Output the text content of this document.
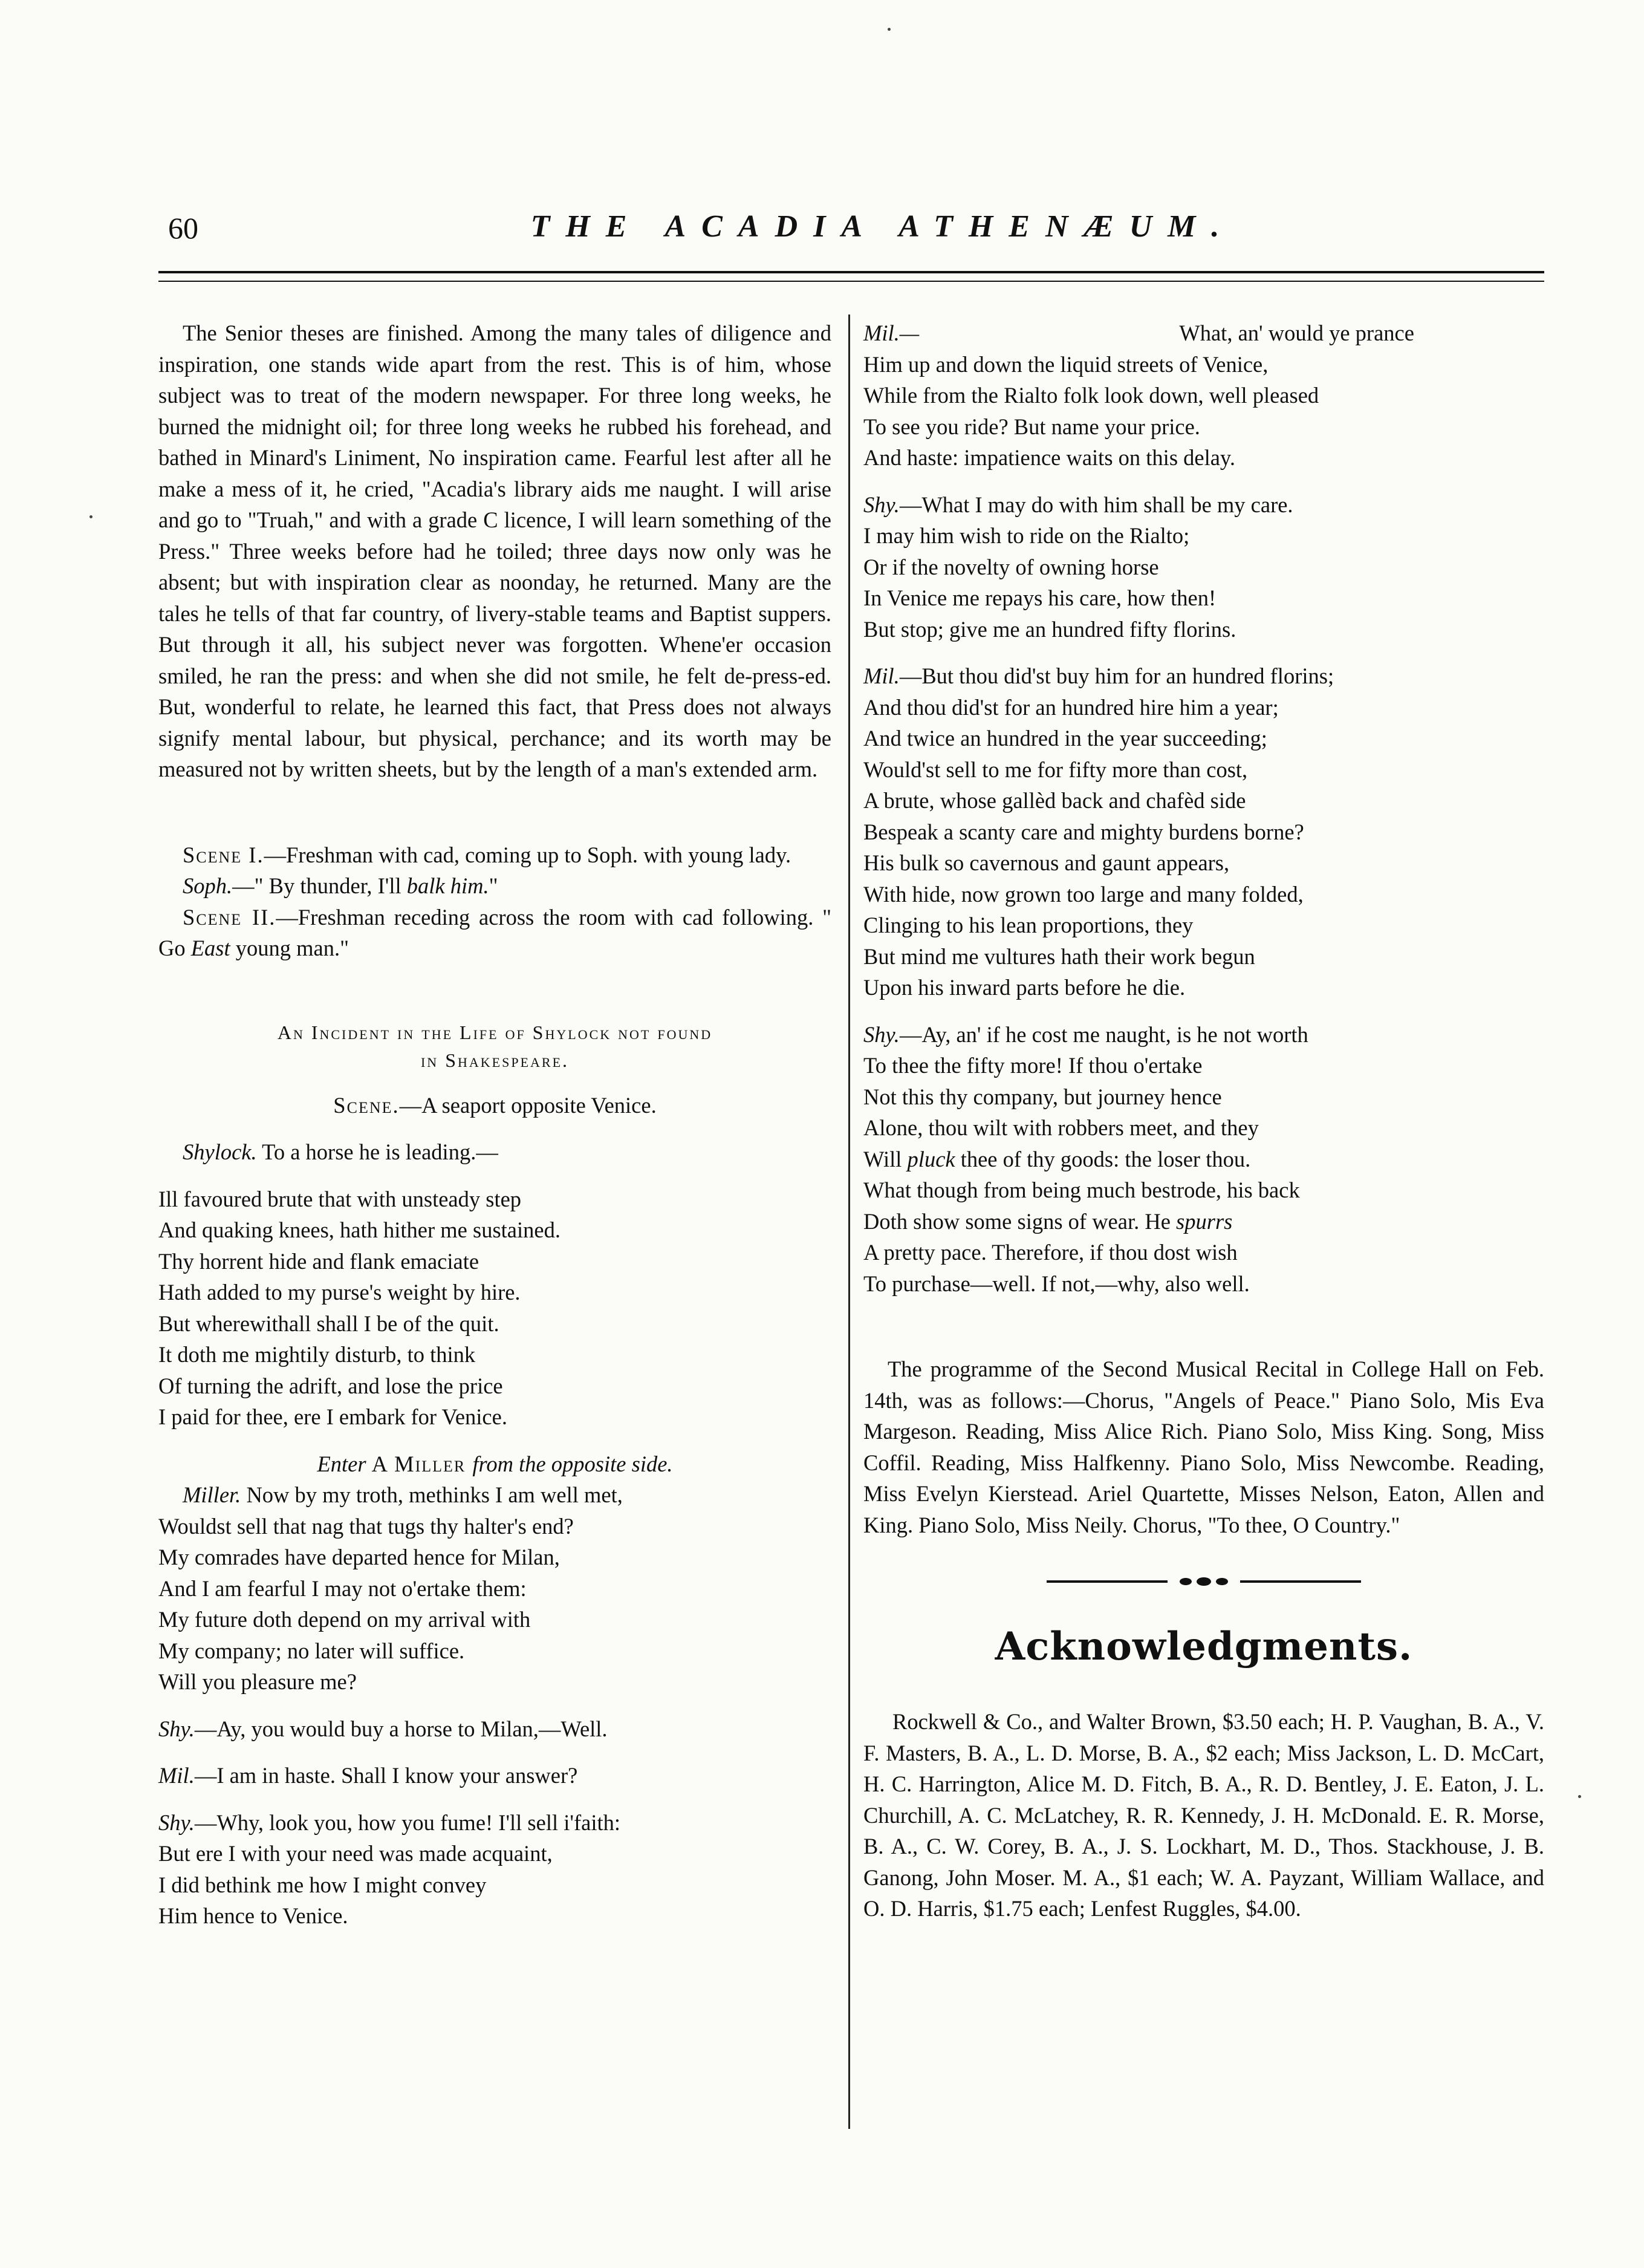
60	THE ACADIA ATHENÆUM.

The Senior theses are finished. Among the many tales of diligence and inspiration, one stands wide apart from the rest. This is of him, whose subject was to treat of the modern newspaper. For three long weeks, he burned the midnight oil; for three long weeks he rubbed his forehead, and bathed in Minard's Liniment, No inspiration came. Fearful lest after all he make a mess of it, he cried, "Acadia's library aids me naught. I will arise and go to "Truah," and with a grade C licence, I will learn something of the Press." Three weeks before had he toiled; three days now only was he absent; but with inspiration clear as noonday, he returned. Many are the tales he tells of that far country, of livery-stable teams and Baptist suppers. But through it all, his subject never was forgotten. Whene'er occasion smiled, he ran the press: and when she did not smile, he felt de-press-ed. But, wonderful to relate, he learned this fact, that Press does not always signify mental labour, but physical, perchance; and its worth may be measured not by written sheets, but by the length of a man's extended arm.

Scene I.—Freshman with cad, coming up to Soph. with young lady.

Soph.—" By thunder, I'll balk him."

Scene II.—Freshman receding across the room with cad following. " Go East young man."

An Incident in the Life of Shylock not found

in Shakespeare.

Scene.—A seaport opposite Venice.

Shylock. To a horse he is leading.—

Ill favoured brute that with unsteady step
And quaking knees, hath hither me sustained.
Thy horrent hide and flank emaciate
Hath added to my purse's weight by hire.
But wherewithall shall I be of the quit.
It doth me mightily disturb, to think
Of turning the adrift, and lose the price
I paid for thee, ere I embark for Venice.

Enter A Miller from the opposite side.

Miller. Now by my troth, methinks I am well met,
Wouldst sell that nag that tugs thy halter's end?
My comrades have departed hence for Milan,
And I am fearful I may not o'ertake them:
My future doth depend on my arrival with
My company; no later will suffice.
Will you pleasure me?
Shy.—Ay, you would buy a horse to Milan,—Well.
Mil.—I am in haste. Shall I know your answer?
Shy.—Why, look you, how you fume! I'll sell i'faith:
But ere I with your need was made acquaint,
I did bethink me how I might convey
Him hence to Venice.
Mil.—	What, an' would ye prance
Him up and down the liquid streets of Venice,
While from the Rialto folk look down, well pleased
To see you ride? But name your price.
And haste: impatience waits on this delay.
Shy.—What I may do with him shall be my care.
I may him wish to ride on the Rialto;
Or if the novelty of owning horse
In Venice me repays his care, how then!
But stop; give me an hundred fifty florins.
Mil.—But thou did'st buy him for an hundred florins;
And thou did'st for an hundred hire him a year;
And twice an hundred in the year succeeding;
Would'st sell to me for fifty more than cost,
A brute, whose gallèd back and chafèd side
Bespeak a scanty care and mighty burdens borne?
His bulk so cavernous and gaunt appears,
With hide, now grown too large and many folded,
Clinging to his lean proportions, they
But mind me vultures hath their work begun
Upon his inward parts before he die.
Shy.—Ay, an' if he cost me naught, is he not worth
To thee the fifty more! If thou o'ertake
Not this thy company, but journey hence
Alone, thou wilt with robbers meet, and they
Will pluck thee of thy goods: the loser thou.
What though from being much bestrode, his back
Doth show some signs of wear. He spurrs
A pretty pace. Therefore, if thou dost wish
To purchase—well. If not,—why, also well.

The programme of the Second Musical Recital in College Hall on Feb. 14th, was as follows:—Chorus, "Angels of Peace." Piano Solo, Mis Eva Margeson. Reading, Miss Alice Rich. Piano Solo, Miss King. Song, Miss Coffil. Reading, Miss Halfkenny. Piano Solo, Miss Newcombe. Reading, Miss Evelyn Kierstead. Ariel Quartette, Misses Nelson, Eaton, Allen and King. Piano Solo, Miss Neily. Chorus, "To thee, O Country."

Acknowledgments.

Rockwell & Co., and Walter Brown, $3.50 each; H. P. Vaughan, B. A., V. F. Masters, B. A., L. D. Morse, B. A., $2 each; Miss Jackson, L. D. McCart, H. C. Harrington, Alice M. D. Fitch, B. A., R. D. Bentley, J. E. Eaton, J. L. Churchill, A. C. McLatchey, R. R. Kennedy, J. H. McDonald. E. R. Morse, B. A., C. W. Corey, B. A., J. S. Lockhart, M. D., Thos. Stackhouse, J. B. Ganong, John Moser. M. A., $1 each; W. A. Payzant, William Wallace, and O. D. Harris, $1.75 each; Lenfest Ruggles, $4.00.
